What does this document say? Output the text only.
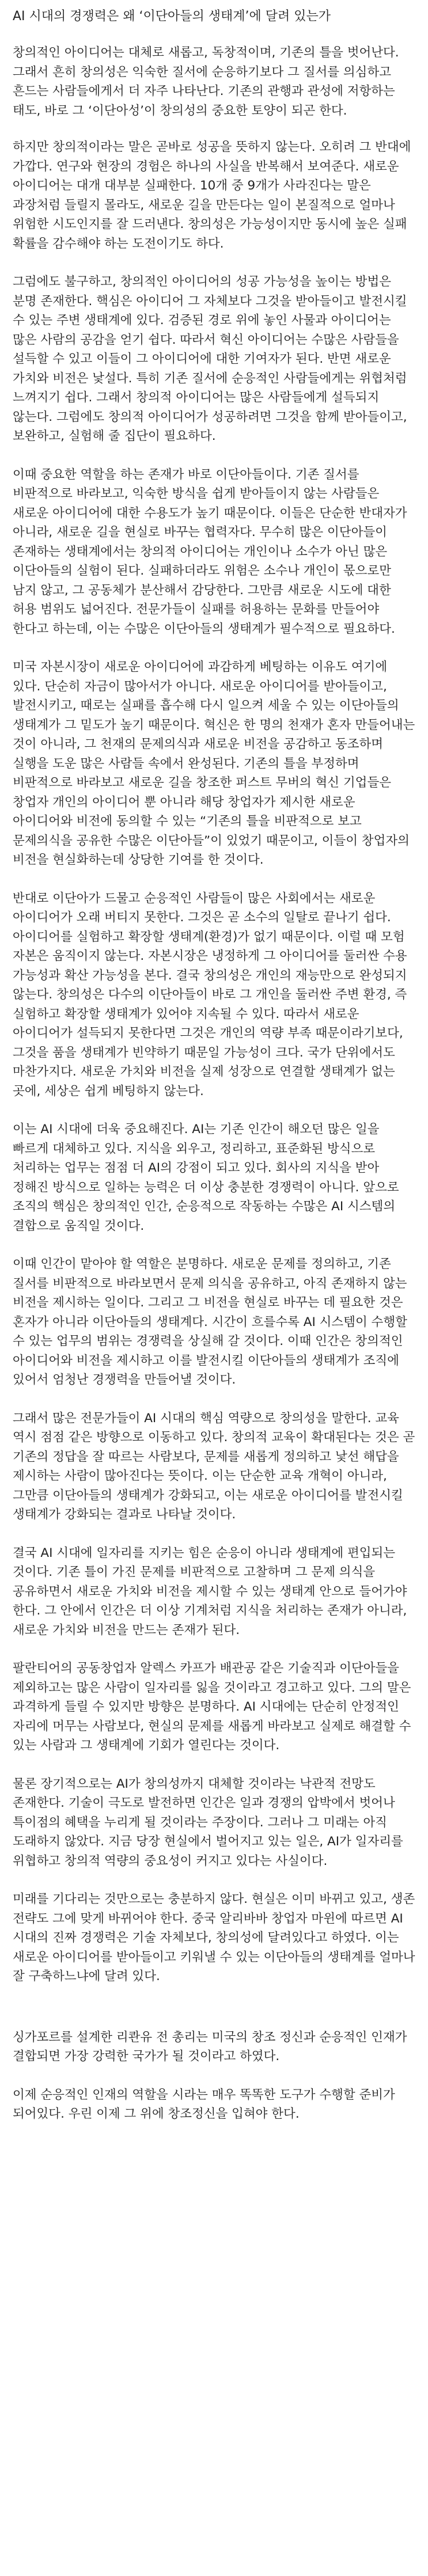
AI 시대의 경쟁력은 왜 ‘이단아들의 생태계’에 달려 있는가

창의적인 아이디어는 대체로 새롭고, 독창적이며, 기존의 틀을 벗어난다. 그래서 흔히 창의성은 익숙한 질서에 순응하기보다 그 질서를 의심하고 흔드는 사람들에게서 더 자주 나타난다. 기존의 관행과 관성에 저항하는 태도, 바로 그 ‘이단아성’이 창의성의 중요한 토양이 되곤 한다.

하지만 창의적이라는 말은 곧바로 성공을 뜻하지 않는다. 오히려 그 반대에 가깝다. 연구와 현장의 경험은 하나의 사실을 반복해서 보여준다. 새로운 아이디어는 대개 대부분 실패한다. 10개 중 9개가 사라진다는 말은 과장처럼 들릴지 몰라도, 새로운 길을 만든다는 일이 본질적으로 얼마나 위험한 시도인지를 잘 드러낸다. 창의성은 가능성이지만 동시에 높은 실패 확률을 감수해야 하는 도전이기도 하다.

그럼에도 불구하고, 창의적인 아이디어의 성공 가능성을 높이는 방법은 분명 존재한다. 핵심은 아이디어 그 자체보다 그것을 받아들이고 발전시킬 수 있는 주변 생태계에 있다. 검증된 경로 위에 놓인 사물과 아이디어는 많은 사람의 공감을 얻기 쉽다. 따라서 혁신 아이디어는 수많은 사람들을 설득할 수 있고 이들이 그 아이디어에 대한 기여자가 된다. 반면 새로운 가치와 비전은 낯설다. 특히 기존 질서에 순응적인 사람들에게는 위협처럼 느껴지기 쉽다. 그래서 창의적 아이디어는 많은 사람들에게 설득되지 않는다. 그럼에도 창의적 아이디어가 성공하려면 그것을 함께 받아들이고, 보완하고, 실험해 줄 집단이 필요하다.

이때 중요한 역할을 하는 존재가 바로 이단아들이다. 기존 질서를 비판적으로 바라보고, 익숙한 방식을 쉽게 받아들이지 않는 사람들은 새로운 아이디어에 대한 수용도가 높기 때문이다. 이들은 단순한 반대자가 아니라, 새로운 길을 현실로 바꾸는 협력자다. 무수히 많은 이단아들이 존재하는 생태계에서는 창의적 아이디어는 개인이나 소수가 아닌 많은 이단아들의 실험이 된다. 실패하더라도 위험은 소수나 개인이 몫으로만 남지 않고, 그 공동체가 분산해서 감당한다. 그만큼 새로운 시도에 대한 허용 범위도 넓어진다. 전문가들이 실패를 허용하는 문화를 만들어야 한다고 하는데, 이는 수많은 이단아들의 생태계가 필수적으로 필요하다.

미국 자본시장이 새로운 아이디어에 과감하게 베팅하는 이유도 여기에 있다. 단순히 자금이 많아서가 아니다. 새로운 아이디어를 받아들이고, 발전시키고, 때로는 실패를 흡수해 다시 일으켜 세울 수 있는 이단아들의 생태계가 그 밑도가 높기 때문이다. 혁신은 한 명의 천재가 혼자 만들어내는 것이 아니라, 그 천재의 문제의식과 새로운 비전을 공감하고 동조하며 실행을 도운 많은 사람들 속에서 완성된다. 기존의 틀을 부정하며 비판적으로 바라보고 새로운 길을 창조한 퍼스트 무버의 혁신 기업들은 창업자 개인의 아이디어 뿐 아니라 해당 창업자가 제시한 새로운 아이디어와 비전에 동의할 수 있는 “기존의 틀을 비판적으로 보고 문제의식을 공유한 수많은 이단아들”이 있었기 때문이고, 이들이 창업자의 비전을 현실화하는데 상당한 기여를 한 것이다.

반대로 이단아가 드물고 순응적인 사람들이 많은 사회에서는 새로운 아이디어가 오래 버티지 못한다. 그것은 곧 소수의 일탈로 끝나기 쉽다. 아이디어를 실험하고 확장할 생태계(환경)가 없기 때문이다. 이럴 때 모험 자본은 움직이지 않는다. 자본시장은 냉정하게 그 아이디어를 둘러싼 수용 가능성과 확산 가능성을 본다. 결국 창의성은 개인의 재능만으로 완성되지 않는다. 창의성은 다수의 이단아들이 바로 그 개인을 둘러싼 주변 환경, 즉 실험하고 확장할 생태계가 있어야 지속될 수 있다. 따라서 새로운 아이디어가 설득되지 못한다면 그것은 개인의 역량 부족 때문이라기보다, 그것을 품을 생태계가 빈약하기 때문일 가능성이 크다. 국가 단위에서도 마찬가지다. 새로운 가치와 비전을 실제 성장으로 연결할 생태계가 없는 곳에, 세상은 쉽게 베팅하지 않는다.

이는 AI 시대에 더욱 중요해진다. AI는 기존 인간이 해오던 많은 일을 빠르게 대체하고 있다. 지식을 외우고, 정리하고, 표준화된 방식으로 처리하는 업무는 점점 더 AI의 강점이 되고 있다. 회사의 지식을 받아 정해진 방식으로 일하는 능력은 더 이상 충분한 경쟁력이 아니다. 앞으로 조직의 핵심은 창의적인 인간, 순응적으로 작동하는 수많은 AI 시스템의 결합으로 움직일 것이다.

이때 인간이 맡아야 할 역할은 분명하다. 새로운 문제를 정의하고, 기존 질서를 비판적으로 바라보면서 문제 의식을 공유하고, 아직 존재하지 않는 비전을 제시하는 일이다. 그리고 그 비전을 현실로 바꾸는 데 필요한 것은 혼자가 아니라 이단아들의 생태계다. 시간이 흐를수록 AI 시스템이 수행할 수 있는 업무의 범위는 경쟁력을 상실해 갈 것이다. 이때 인간은 창의적인 아이디어와 비전을 제시하고 이를 발전시킬 이단아들의 생태계가 조직에 있어서 엄청난 경쟁력을 만들어낼 것이다.

그래서 많은 전문가들이 AI 시대의 핵심 역량으로 창의성을 말한다. 교육 역시 점점 같은 방향으로 이동하고 있다. 창의적 교육이 확대된다는 것은 곧 기존의 정답을 잘 따르는 사람보다, 문제를 새롭게 정의하고 낯선 해답을 제시하는 사람이 많아진다는 뜻이다. 이는 단순한 교육 개혁이 아니라, 그만큼 이단아들의 생태계가 강화되고, 이는 새로운 아이디어를 발전시킬 생태계가 강화되는 결과로 나타날 것이다.

결국 AI 시대에 일자리를 지키는 힘은 순응이 아니라 생태계에 편입되는 것이다. 기존 틀이 가진 문제를 비판적으로 고찰하며 그 문제 의식을 공유하면서 새로운 가치와 비전을 제시할 수 있는 생태계 안으로 들어가야 한다. 그 안에서 인간은 더 이상 기계처럼 지식을 처리하는 존재가 아니라, 새로운 가치와 비전을 만드는 존재가 된다.

팔란티어의 공동창업자 알렉스 카프가 배관공 같은 기술직과 이단아들을 제외하고는 많은 사람이 일자리를 잃을 것이라고 경고하고 있다. 그의 말은 과격하게 들릴 수 있지만 방향은 분명하다. AI 시대에는 단순히 안정적인 자리에 머무는 사람보다, 현실의 문제를 새롭게 바라보고 실제로 해결할 수 있는 사람과 그 생태계에 기회가 열린다는 것이다.

물론 장기적으로는 AI가 창의성까지 대체할 것이라는 낙관적 전망도 존재한다. 기술이 극도로 발전하면 인간은 일과 경쟁의 압박에서 벗어나 특이점의 혜택을 누리게 될 것이라는 주장이다. 그러나 그 미래는 아직 도래하지 않았다. 지금 당장 현실에서 벌어지고 있는 일은, AI가 일자리를 위협하고 창의적 역량의 중요성이 커지고 있다는 사실이다.

미래를 기다리는 것만으로는 충분하지 않다. 현실은 이미 바뀌고 있고, 생존 전략도 그에 맞게 바뀌어야 한다. 중국 알리바바 창업자 마윈에 따르면 AI 시대의 진짜 경쟁력은 기술 자체보다, 창의성에 달려있다고 하였다. 이는 새로운 아이디어를 받아들이고 키워낼 수 있는 이단아들의 생태계를 얼마나 잘 구축하느냐에 달려 있다.

싱가포르를 설계한 리콴유 전 총리는 미국의 창조 정신과 순응적인 인재가 결합되면 가장 강력한 국가가 될 것이라고 하였다.

이제 순응적인 인재의 역할을 시라는 매우 똑똑한 도구가 수행할 준비가 되어있다. 우린 이제 그 위에 창조정신을 입혀야 한다.
